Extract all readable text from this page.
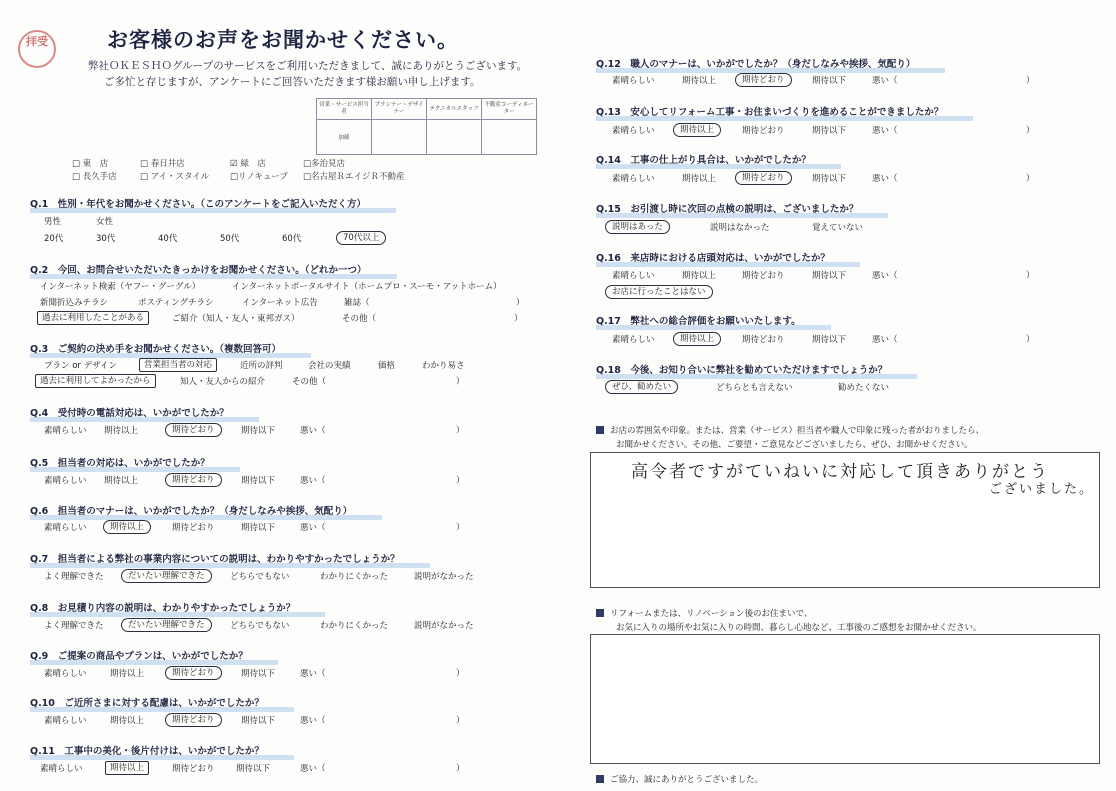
拝受	お客様のお声をお聞かせください。
弊社ＯＫＥＳＨＯグループのサービスをご利用いただきまして、誠にありがとうございます。
ご多忙と存じますが、アンケートにご回答いただきます様お願い申し上げます。
営業・サービス担当者	プランナー・デザイナー	テクニカルスタッフ	不動産コーディネーター
加藤			
□ 東　店	□ 春日井店	☑ 緑　店	□多治見店
□ 長久手店	□ アイ・スタイル □リノキューブ □名古屋ＲエイジＲ不動産
Q.1　性別・年代をお聞かせください。（このアンケートをご記入いただく方）
男性	女性
20代	30代	40代	50代	60代	70代以上
Q.2　今回、お問合せいただいたきっかけをお聞かせください。（どれか一つ）
インターネット検索（ヤフー・グーグル）	インターネットポータルサイト（ホームプロ・スーモ・アットホーム）
新聞折込みチラシ	ポスティングチラシ	インターネット広告	雑誌（	）
過去に利用したことがある	ご紹介（知人・友人・東邦ガス）	その他（	）
Q.3　ご契約の決め手をお聞かせください。（複数回答可）
プラン or デザイン	営業担当者の対応	近所の評判	会社の実績	価格	わかり易さ
過去に利用してよかったから	知人・友人からの紹介	その他（	）
Q.4　受付時の電話対応は、いかがでしたか？
素晴らしい 期待以上	期待どおり	期待以下	悪い（	）
Q.5　担当者の対応は、いかがでしたか？
素晴らしい 期待以上	期待どおり	期待以下	悪い（	）
Q.6　担当者のマナーは、いかがでしたか？（身だしなみや挨拶、気配り）
素晴らしい	期待以上	期待どおり	期待以下	悪い（	）
Q.7　担当者による弊社の事業内容についての説明は、わかりやすかったでしょうか？
よく理解できた	だいたい理解できた	どちらでもない	わかりにくかった	説明がなかった
Q.8　お見積り内容の説明は、わかりやすかったでしょうか？
よく理解できた	だいたい理解できた	どちらでもない	わかりにくかった	説明がなかった
Q.9　ご提案の商品やプランは、いかがでしたか？
素晴らしい	期待以上	期待どおり	期待以下	悪い（	）
Q.10　ご近所さまに対する配慮は、いかがでしたか？
素晴らしい	期待以上	期待どおり	期待以下	悪い（	）
Q.11　工事中の美化・後片付けは、いかがでしたか？
素晴らしい	期待以上	期待どおり	期待以下	悪い（	）
Q.12　職人のマナーは、いかがでしたか？（身だしなみや挨拶、気配り）
素晴らしい	期待以上	期待どおり	期待以下	悪い（	）
Q.13　安心してリフォーム工事・お住まいづくりを進めることができましたか？
素晴らしい	期待以上	期待どおり	期待以下	悪い（	）
Q.14　工事の仕上がり具合は、いかがでしたか？
素晴らしい	期待以上	期待どおり	期待以下	悪い（	）
Q.15　お引渡し時に次回の点検の説明は、ございましたか？
説明はあった	説明はなかった	覚えていない
Q.16　来店時における店頭対応は、いかがでしたか？
素晴らしい	期待以上	期待どおり	期待以下	悪い（	）
お店に行ったことはない
Q.17　弊社への総合評価をお願いいたします。
素晴らしい	期待以上	期待どおり	期待以下	悪い（	）
Q.18　今後、お知り合いに弊社を勧めていただけますでしょうか？
ぜひ、勧めたい	どちらとも言えない	勧めたくない
お店の雰囲気や印象。または、営業（サービス）担当者や職人で印象に残った者がおりましたら、
お聞かせください。その他、ご要望・ご意見などございましたら、ぜひ、お聞かせください。
高令者ですがていねいに対応して頂きありがとう
ございました。
リフォームまたは、リノベーション後のお住まいで、
お気に入りの場所やお気に入りの時間、暮らし心地など、工事後のご感想をお聞かせください。
ご協力、誠にありがとうございました。
